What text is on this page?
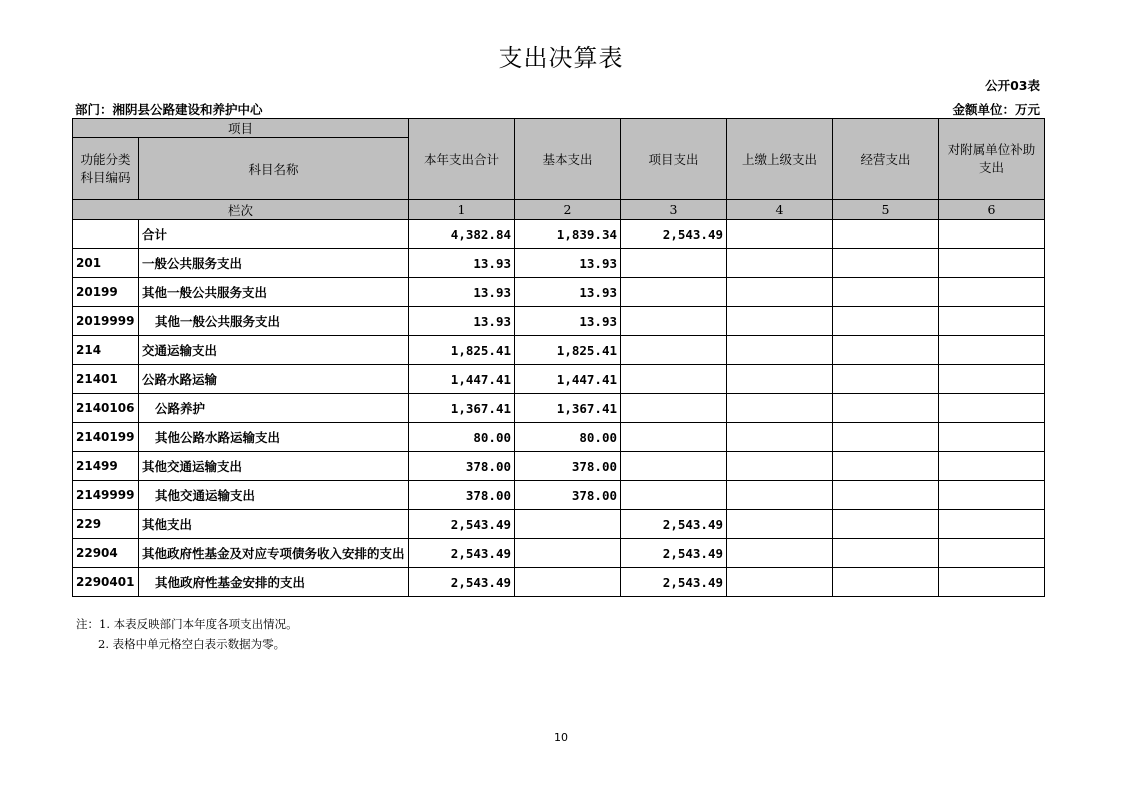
支出决算表
公开03表
部门：湘阴县公路建设和养护中心	金额单位：万元
项目		本年支出合计	基本支出	项目支出	上缴上级支出	经营支出	对附属单位补助支出
功能分类科目编码	科目名称						
栏次		1	2	3	4	5	6
	合计	4,382.84	1,839.34	2,543.49			
201	一般公共服务支出	13.93	13.93				
20199	其他一般公共服务支出	13.93	13.93				
2019999	其他一般公共服务支出	13.93	13.93				
214	交通运输支出	1,825.41	1,825.41				
21401	公路水路运输	1,447.41	1,447.41				
2140106	公路养护	1,367.41	1,367.41				
2140199	其他公路水路运输支出	80.00	80.00				
21499	其他交通运输支出	378.00	378.00				
2149999	其他交通运输支出	378.00	378.00				
229	其他支出	2,543.49		2,543.49			
22904	其他政府性基金及对应专项债务收入安排的支出	2,543.49		2,543.49			
2290401	其他政府性基金安排的支出	2,543.49		2,543.49			
注：1. 本表反映部门本年度各项支出情况。
2. 表格中单元格空白表示数据为零。
10
